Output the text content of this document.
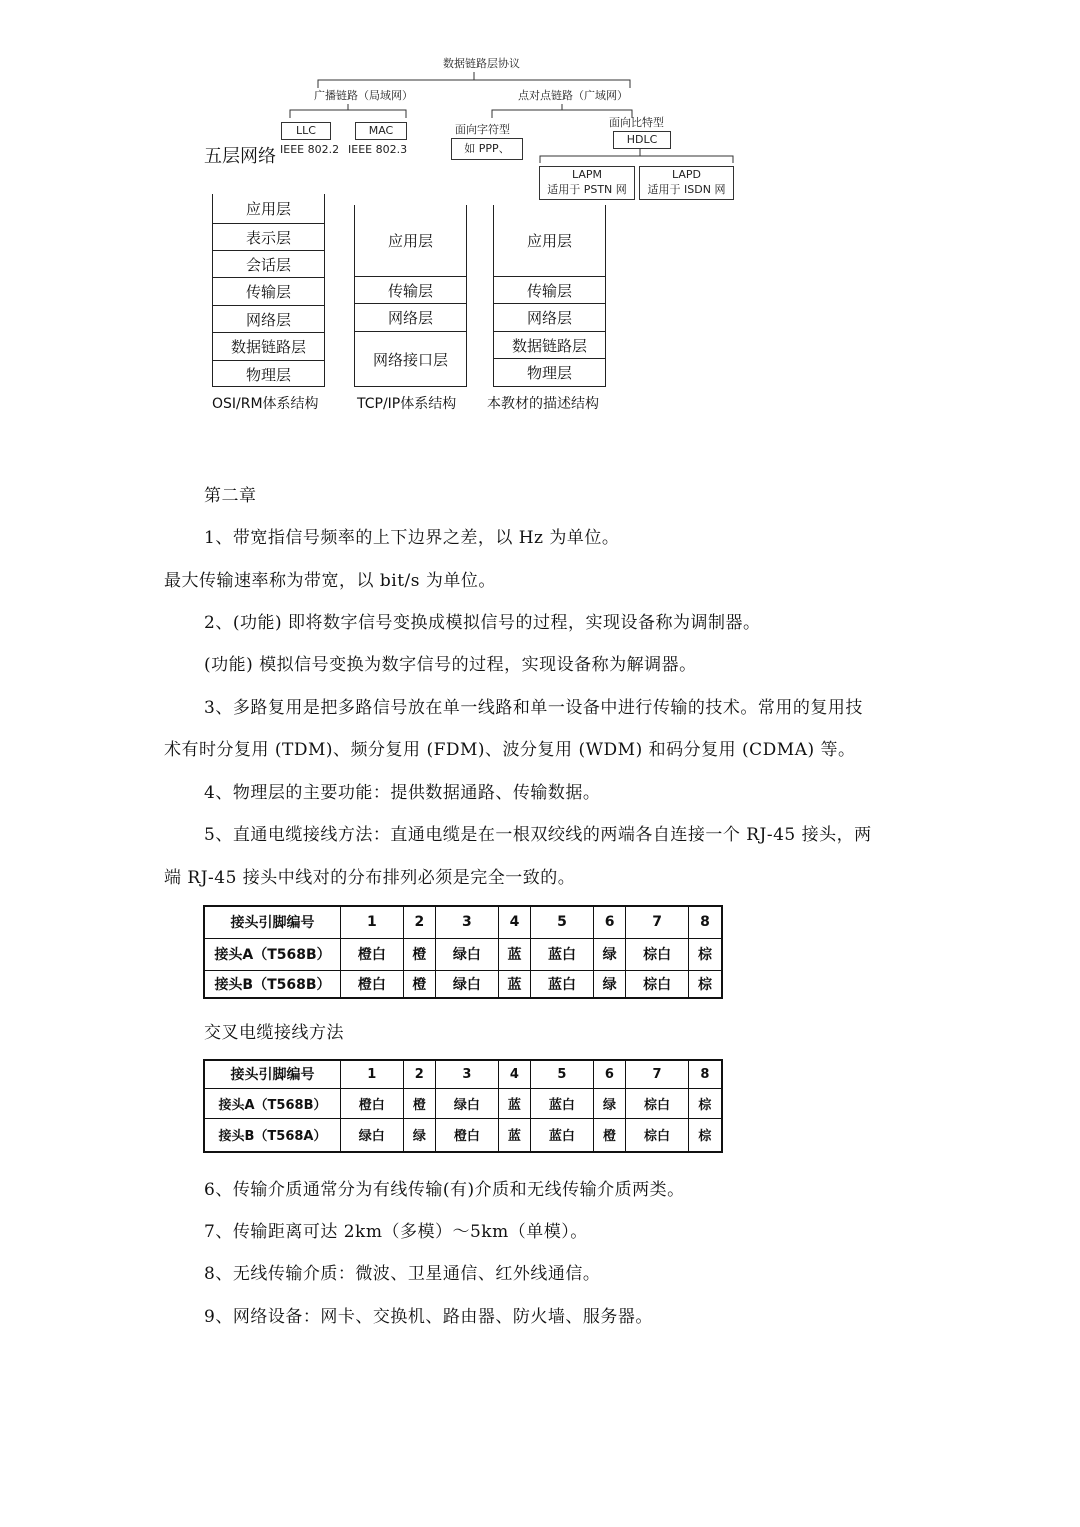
数据链路层协议
广播链路（局域网）	点对点链路（广域网）
LLC	MAC
IEEE 802.2 IEEE 802.3
面向字符型
如 PPP、
面向比特型
HDLC
LAPM
适用于 PSTN 网
LAPD
适用于 ISDN 网
五层网络
应用层
表示层
会话层
传输层
网络层
数据链路层
物理层
OSI/RM体系结构
应用层
传输层
网络层
网络接口层
TCP/IP体系结构
应用层
传输层
网络层
数据链路层
物理层
本教材的描述结构
第二章
1、带宽指信号频率的上下边界之差，以 Hz 为单位。
最大传输速率称为带宽，以 bit/s 为单位。
2、(功能) 即将数字信号变换成模拟信号的过程，实现设备称为调制器。
(功能) 模拟信号变换为数字信号的过程，实现设备称为解调器。
3、多路复用是把多路信号放在单一线路和单一设备中进行传输的技术。常用的复用技
术有时分复用 (TDM)、频分复用 (FDM)、波分复用 (WDM) 和码分复用 (CDMA) 等。
4、物理层的主要功能：提供数据通路、传输数据。
5、直通电缆接线方法：直通电缆是在一根双绞线的两端各自连接一个 RJ-45 接头，两
端 RJ-45 接头中线对的分布排列必须是完全一致的。
接头引脚编号	1	2	3	4	5	6	7	8
接头A（T568B）	橙白	橙	绿白	蓝	蓝白	绿	棕白	棕
接头B（T568B）	橙白	橙	绿白	蓝	蓝白	绿	棕白	棕
交叉电缆接线方法
接头引脚编号	1	2	3	4	5	6	7	8
接头A（T568B）	橙白	橙	绿白	蓝	蓝白	绿	棕白	棕
接头B（T568A）	绿白	绿	橙白	蓝	蓝白	橙	棕白	棕
6、传输介质通常分为有线传输(有)介质和无线传输介质两类。
7、传输距离可达 2km（多模）～5km（单模）。
8、无线传输介质：微波、卫星通信、红外线通信。
9、网络设备：网卡、交换机、路由器、防火墙、服务器。
